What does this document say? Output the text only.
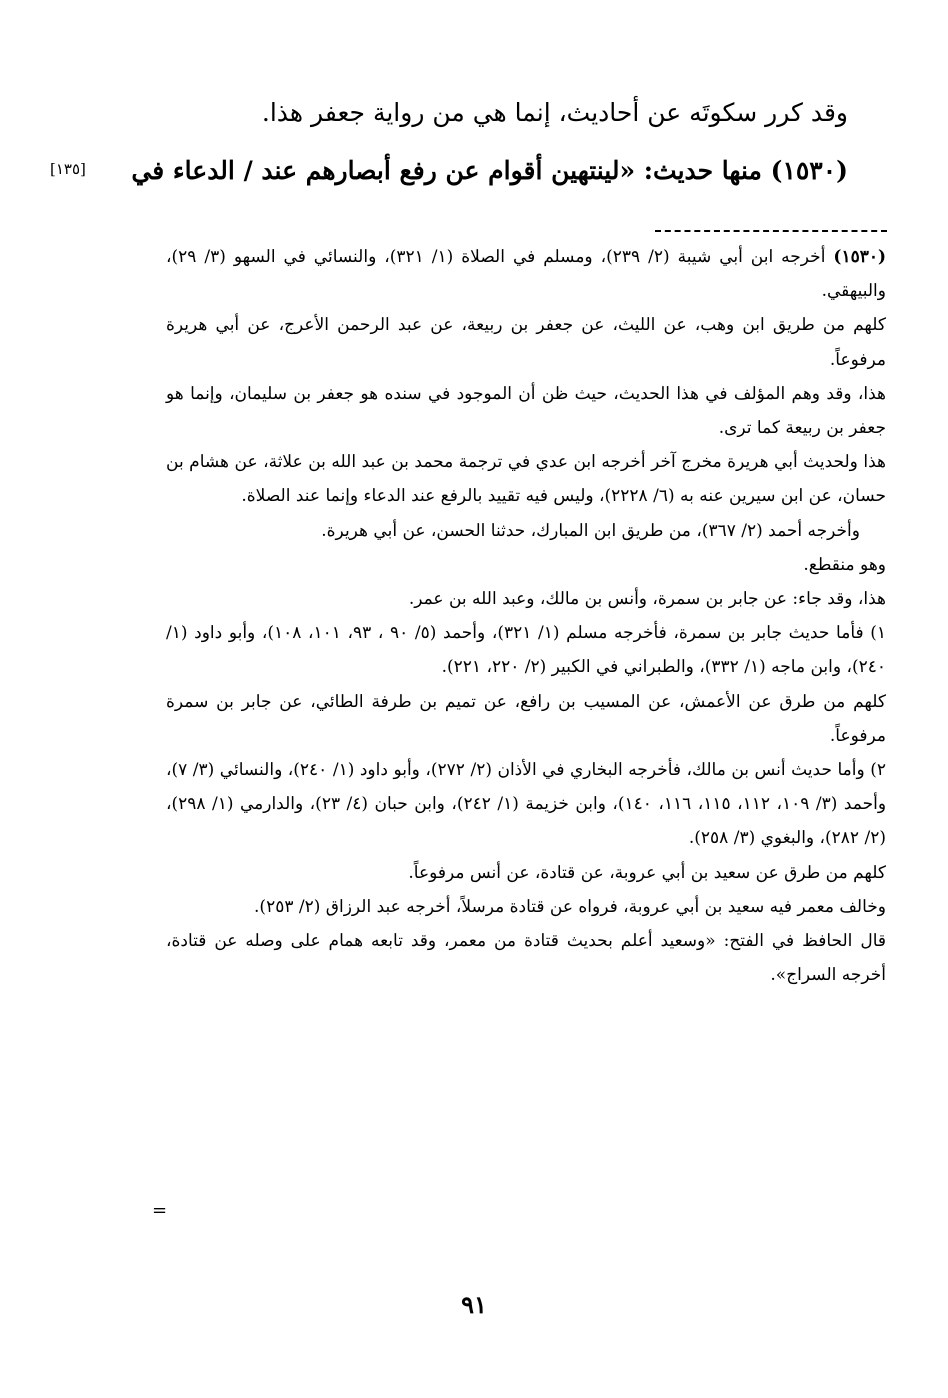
وقد كرر سكوتَه عن أحاديث، إنما هي من رواية جعفر هذا.
(١٥٣٠) منها حديث: «لينتهين أقوام عن رفع أبصارهم عند / الدعاء في
[١٣٥]

(١٥٣٠) أخرجه ابن أبي شيبة (٢/ ٢٣٩)، ومسلم في الصلاة (١/ ٣٢١)، والنسائي في السهو (٣/ ٢٩)، والبيهقي.

كلهم من طريق ابن وهب، عن الليث، عن جعفر بن ربيعة، عن عبد الرحمن الأعرج، عن أبي هريرة مرفوعاً.

هذا، وقد وهم المؤلف في هذا الحديث، حيث ظن أن الموجود في سنده هو جعفر بن سليمان، وإنما هو جعفر بن ربيعة كما ترى.

هذا ولحديث أبي هريرة مخرج آخر أخرجه ابن عدي في ترجمة محمد بن عبد الله بن علاثة، عن هشام بن حسان، عن ابن سيرين عنه به (٦/ ٢٢٢٨)، وليس فيه تقييد بالرفع عند الدعاء وإنما عند الصلاة.

وأخرجه أحمد (٢/ ٣٦٧)، من طريق ابن المبارك، حدثنا الحسن، عن أبي هريرة.

وهو منقطع.

هذا، وقد جاء: عن جابر بن سمرة، وأنس بن مالك، وعبد الله بن عمر.

١) فأما حديث جابر بن سمرة، فأخرجه مسلم (١/ ٣٢١)، وأحمد (٥/ ٩٠ ، ٩٣، ١٠١، ١٠٨)، وأبو داود (١/ ٢٤٠)، وابن ماجه (١/ ٣٣٢)، والطبراني في الكبير (٢/ ٢٢٠، ٢٢١).

كلهم من طرق عن الأعمش، عن المسيب بن رافع، عن تميم بن طرفة الطائي، عن جابر بن سمرة مرفوعاً.

٢) وأما حديث أنس بن مالك، فأخرجه البخاري في الأذان (٢/ ٢٧٢)، وأبو داود (١/ ٢٤٠)، والنسائي (٣/ ٧)، وأحمد (٣/ ١٠٩، ١١٢، ١١٥، ١١٦، ١٤٠)، وابن خزيمة (١/ ٢٤٢)، وابن حبان (٤/ ٢٣)، والدارمي (١/ ٢٩٨)، (٢/ ٢٨٢)، والبغوي (٣/ ٢٥٨).

كلهم من طرق عن سعيد بن أبي عروبة، عن قتادة، عن أنس مرفوعاً.

وخالف معمر فيه سعيد بن أبي عروبة، فرواه عن قتادة مرسلاً، أخرجه عبد الرزاق (٢/ ٢٥٣).

قال الحافظ في الفتح: «وسعيد أعلم بحديث قتادة من معمر، وقد تابعه همام على وصله عن قتادة، أخرجه السراج».

=
٩١
